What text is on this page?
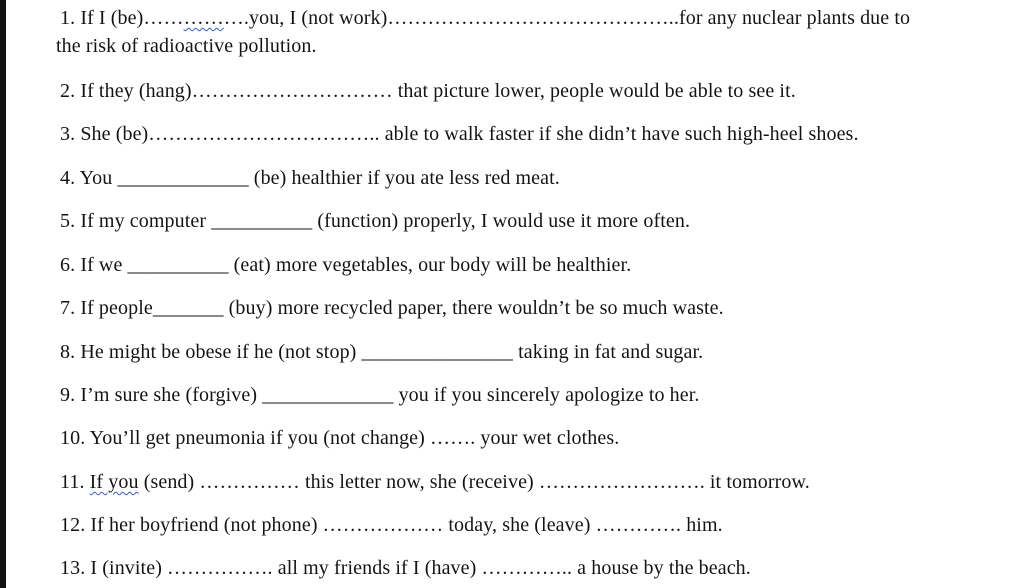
1. If I (be)…………….you, I (not work)……………………………………..for any nuclear plants due to
the risk of radioactive pollution.
2. If they (hang)………………………… that picture lower, people would be able to see it.
3. She (be)…………………………….. able to walk faster if she didn’t have such high-heel shoes.
4. You _____________ (be) healthier if you ate less red meat.
5. If my computer __________ (function) properly, I would use it more often.
6. If we __________ (eat) more vegetables, our body will be healthier.
7. If people_______ (buy) more recycled paper, there wouldn’t be so much waste.
8. He might be obese if he (not stop) _______________ taking in fat and sugar.
9. I’m sure she (forgive) _____________ you if you sincerely apologize to her.
10. You’ll get pneumonia if you (not change) ……. your wet clothes.
11. If you (send) …………… this letter now, she (receive) ……………………. it tomorrow.
12. If her boyfriend (not phone) ……………… today, she (leave) …………. him.
13. I (invite) ……………. all my friends if I (have) ………….. a house by the beach.
